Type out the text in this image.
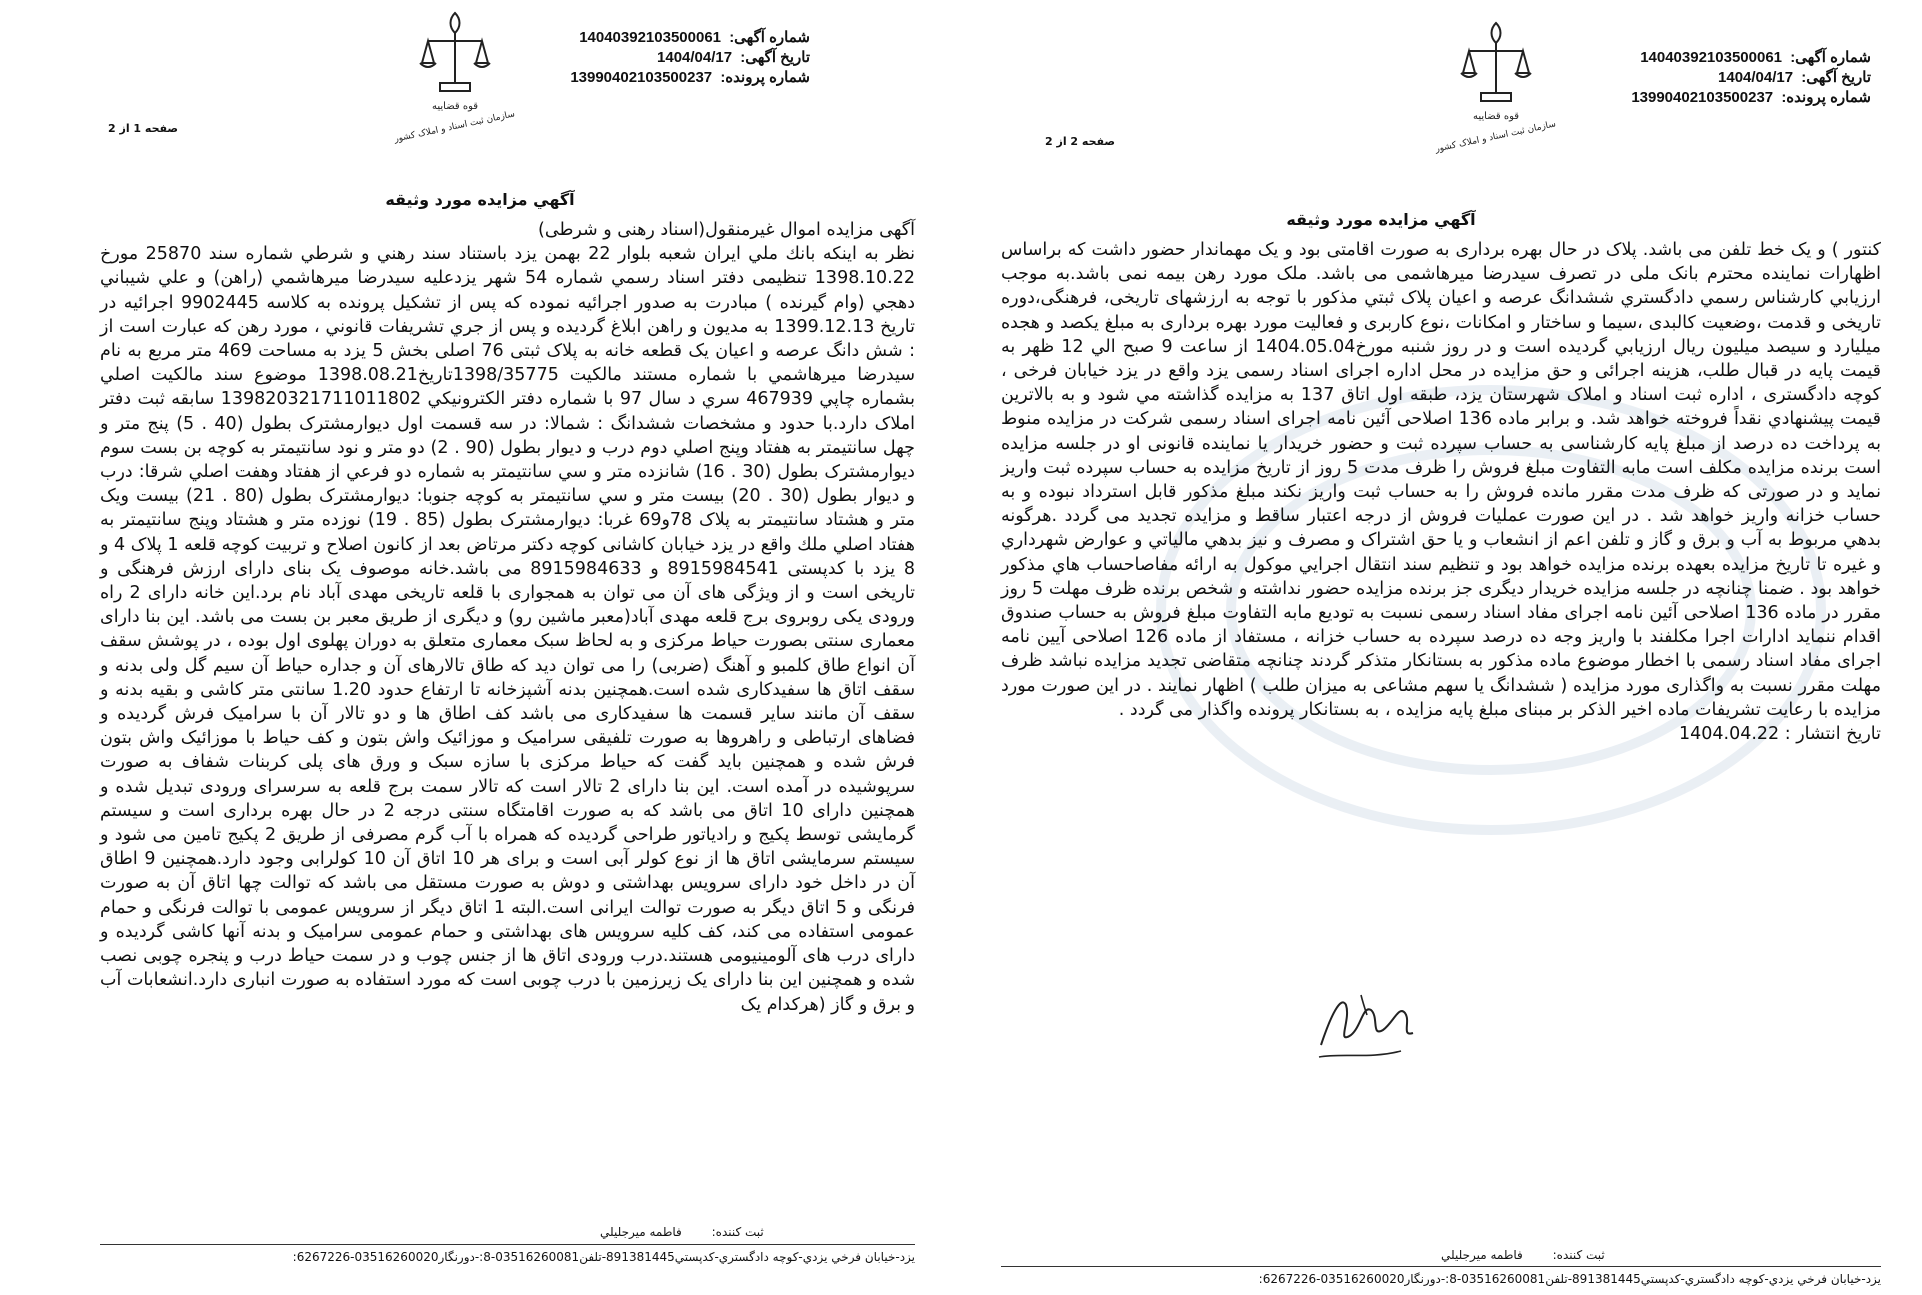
شماره آگهی: 14040392103500061
تاریخ آگهی: 1404/04/17
شماره پرونده: 13990402103500237
قوه قضاییه
سازمان ثبت اسناد و املاک کشور
صفحه 1 از 2
آگهي مزايده مورد وثيقه

آگهی مزایده اموال غیرمنقول(اسناد رهنی و شرطی)

نظر به اینکه بانك ملي ايران شعبه بلوار 22 بهمن يزد باستناد سند رهني و شرطي شماره سند 25870 مورخ 1398.10.22 تنظيمی دفتر اسناد رسمي شماره 54 شهر يزدعليه سيدرضا ميرهاشمي (راهن) و علي شيباني دهجي (وام گيرنده ) مبادرت به صدور اجرائيه نموده كه پس از تشكيل پرونده به كلاسه 9902445 اجرائيه در تاريخ 1399.12.13 به مديون و راهن ابلاغ گرديده و پس از جري تشريفات قانوني ، مورد رهن كه عبارت است از : شش دانگ عرصه و اعيان يک قطعه خانه به پلاک ثبتی 76 اصلی بخش 5 یزد به مساحت 469 متر مربع به نام سیدرضا میرهاشمي با شماره مستند مالكيت 1398/35775تاريخ1398.08.21 موضوع سند مالكيت اصلي بشماره چاپي 467939 سري د سال 97 با شماره دفتر الكترونيكي 139820321711011802 سابقه ثبت دفتر املاک دارد.با حدود و مشخصات ششدانگ : شمالا: در سه قسمت اول دیوارمشترک بطول (40 . 5) پنج متر و چهل سانتيمتر به هفتاد وپنج اصلي دوم درب و ديوار بطول (90 . 2) دو متر و نود سانتیمتر به کوچه بن بست سوم ديوارمشترک بطول (30 . 16) شانزده متر و سي سانتيمتر به شماره دو فرعي از هفتاد وهفت اصلي شرقا: درب و ديوار بطول (30 . 20) بيست متر و سي سانتيمتر به كوچه جنوبا: ديوارمشترک بطول (80 . 21) بيست ويک متر و هشتاد سانتيمتر به پلاک 78و69 غربا: ديوارمشترک بطول (85 . 19) نوزده متر و هشتاد وپنج سانتيمتر به هفتاد اصلي ملك واقع در یزد خیابان کاشانی کوچه دكتر مرتاض بعد از كانون اصلاح و تربيت کوچه قلعه 1 پلاک 4 و 8 یزد با کدپستی 8915984541 و 8915984633 می باشد.خانه موصوف یک بنای دارای ارزش فرهنگی و تاریخی است و از ویژگی های آن می توان به همجواری با قلعه تاریخی مهدی آباد نام برد.این خانه دارای 2 راه ورودی یکی روبروی برج قلعه مهدی آباد(معبر ماشین رو) و دیگری از طریق معبر بن بست می باشد. این بنا دارای معماری سنتی بصورت حیاط مرکزی و به لحاظ سبک معماری متعلق به دوران پهلوی اول بوده ، در پوشش سقف آن انواع طاق کلمبو و آهنگ (ضربی) را می توان دید که طاق تالارهای آن و جداره حیاط آن سیم گل ولی بدنه و سقف اتاق ها سفیدکاری شده است.همچنین بدنه آشپزخانه تا ارتفاع حدود 1.20 سانتی متر کاشی و بقیه بدنه و سقف آن مانند سایر قسمت ها سفیدکاری می باشد کف اطاق ها و دو تالار آن با سرامیک فرش گردیده و فضاهای ارتباطی و راهروها به صورت تلفیقی سرامیک و موزائیک واش بتون و کف حیاط با موزائیک واش بتون فرش شده و همچنین باید گفت که حیاط مرکزی با سازه سبک و ورق های پلی کربنات شفاف به صورت سرپوشیده در آمده است. این بنا دارای 2 تالار است که تالار سمت برج قلعه به سرسرای ورودی تبدیل شده و همچنین دارای 10 اتاق می باشد که به صورت اقامتگاه سنتی درجه 2 در حال بهره برداری است و سیستم گرمایشی توسط پکیج و رادیاتور طراحی گردیده که همراه با آب گرم مصرفی از طریق 2 پکیج تامین می شود و سیستم سرمایشی اتاق ها از نوع کولر آبی است و برای هر 10 اتاق آن 10 کولرابی وجود دارد.همچنین 9 اطاق آن در داخل خود دارای سرویس بهداشتی و دوش به صورت مستقل می باشد که توالت چها اتاق آن به صورت فرنگی و 5 اتاق دیگر به صورت توالت ایرانی است.البته 1 اتاق دیگر از سرویس عمومی با توالت فرنگی و حمام عمومی استفاده می کند، کف کلیه سرویس های بهداشتی و حمام عمومی سرامیک و بدنه آنها کاشی گردیده و دارای درب های آلومینیومی هستند.درب ورودی اتاق ها از جنس چوب و در سمت حیاط درب و پنجره چوبی نصب شده و همچنین این بنا دارای یک زیرزمین با درب چوبی است که مورد استفاده به صورت انباری دارد.انشعابات آب و برق و گاز (هرکدام یک

ثبت كننده: فاطمه ميرجليلي
يزد-خيابان فرخي يزدي-كوچه دادگستري-كدپستي891381445-تلفن03516260081-8:-دورنگار03516260020-6267226:
شماره آگهی: 14040392103500061
تاریخ آگهی: 1404/04/17
شماره پرونده: 13990402103500237
قوه قضاییه
سازمان ثبت اسناد و املاک کشور
صفحه 2 از 2
آگهي مزايده مورد وثيقه

کنتور ) و یک خط تلفن می باشد. پلاک در حال بهره برداری به صورت اقامتی بود و یک مهماندار حضور داشت که براساس اظهارات نماینده محترم بانک ملی در تصرف سیدرضا میرهاشمی می باشد. ملک مورد رهن بیمه نمی باشد.به موجب ارزيابي كارشناس رسمي دادگستري ششدانگ عرصه و اعیان پلاک ثبتي مذکور با توجه به ارزشهای تاریخی، فرهنگی،دوره تاریخی و قدمت ،وضعیت کالبدی ،سیما و ساختار و امکانات ،نوع کاربری و فعالیت مورد بهره برداری به مبلغ یکصد و هجده میلیارد و سیصد میلیون ريال ارزيابي گرديده است و در روز شنبه مورخ1404.05.04 از ساعت 9 صبح الي 12 ظهر به قيمت پايه در قبال طلب، هزینه اجرائی و حق مزایده در محل اداره اجرای اسناد رسمی یزد واقع در يزد خيابان فرخی ، کوچه دادگستری ، اداره ثبت اسناد و املاک شهرستان یزد، طبقه اول اتاق 137 به مزايده گذاشته مي شود و به بالاترين قيمت پيشنهادي نقداً فروخته خواهد شد. و برابر ماده 136 اصلاحی آئین نامه اجرای اسناد رسمی شرکت در مزایده منوط به پرداخت ده درصد از مبلغ پایه کارشناسی به حساب سپرده ثبت و حضور خریدار یا نماینده قانونی او در جلسه مزایده است برنده مزایده مکلف است مابه التفاوت مبلغ فروش را ظرف مدت 5 روز از تاریخ مزایده به حساب سپرده ثبت واریز نماید و در صورتی که ظرف مدت مقرر مانده فروش را به حساب ثبت واریز نکند مبلغ مذکور قابل استرداد نبوده و به حساب خزانه واریز خواهد شد . در این صورت عملیات فروش از درجه اعتبار ساقط و مزایده تجدید می گردد .هرگونه بدهي مربوط به آب و برق و گاز و تلفن اعم از انشعاب و یا حق اشتراک و مصرف و نيز بدهي مالياتي و عوارض شهرداري و غيره تا تاريخ مزايده بعهده برنده مزايده خواهد بود و تنظيم سند انتقال اجرايي موكول به ارائه مفاصاحساب هاي مذكور خواهد بود . ضمنا چنانچه در جلسه مزایده خریدار دیگری جز برنده مزایده حضور نداشته و شخص برنده ظرف مهلت 5 روز مقرر در ماده 136 اصلاحی آئین نامه اجرای مفاد اسناد رسمی نسبت به توديع مابه التفاوت مبلغ فروش به حساب صندوق اقدام ننماید ادارات اجرا مکلفند با واریز وجه ده درصد سپرده به حساب خزانه ، مستفاد از ماده 126 اصلاحی آیین نامه اجرای مفاد اسناد رسمی با اخطار موضوع ماده مذکور به بستانکار متذکر گردند چنانچه متقاضی تجدید مزایده نباشد ظرف مهلت مقرر نسبت به واگذاری مورد مزایده ( ششدانگ یا سهم مشاعی به میزان طلب ) اظهار نمایند . در این صورت مورد مزایده با رعایت تشریفات ماده اخیر الذکر بر مبنای مبلغ پایه مزایده ، به بستانکار پرونده واگذار می گردد .

تاريخ انتشار : 1404.04.22

ثبت كننده: فاطمه ميرجليلي
يزد-خيابان فرخي يزدي-كوچه دادگستري-كدپستي891381445-تلفن03516260081-8:-دورنگار03516260020-6267226:
